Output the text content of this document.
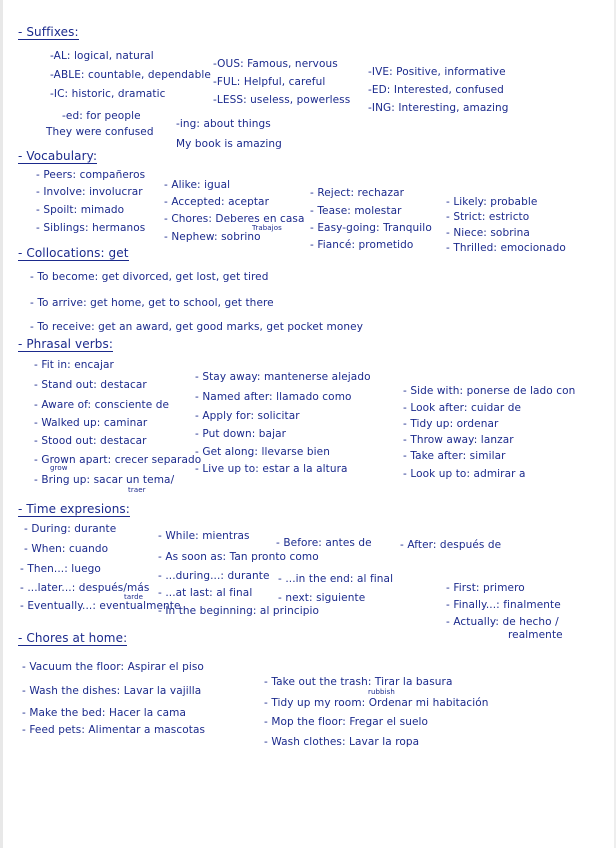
- Suffixes:
-AL: logical, natural
-ABLE: countable, dependable
-IC: historic, dramatic
-OUS: Famous, nervous
-FUL: Helpful, careful
-LESS: useless, powerless
-IVE: Positive, informative
-ED: Interested, confused
-ING: Interesting, amazing
-ed: for people
They were confused
-ing: about things
My book is amazing
- Vocabulary:
- Peers: compañeros
- Involve: involucrar
- Spoilt: mimado
- Siblings: hermanos
- Alike: igual
- Accepted: aceptar
- Chores: Deberes en casa
Trabajos
- Nephew: sobrino
- Reject: rechazar
- Tease: molestar
- Easy-going: Tranquilo
- Fiancé: prometido
- Likely: probable
- Strict: estricto
- Niece: sobrina
- Thrilled: emocionado
- Collocations: get
- To become: get divorced, get lost, get tired
- To arrive: get home, get to school, get there
- To receive: get an award, get good marks, get pocket money
- Phrasal verbs:
- Fit in: encajar
- Stand out: destacar
- Aware of: consciente de
- Walked up: caminar
- Stood out: destacar
- Grown apart: crecer separado
grow
- Bring up: sacar un tema/
traer
- Stay away: mantenerse alejado
- Named after: llamado como
- Apply for: solicitar
- Put down: bajar
- Get along: llevarse bien
- Live up to: estar a la altura
- Side with: ponerse de lado con
- Look after: cuidar de
- Tidy up: ordenar
- Throw away: lanzar
- Take after: similar
- Look up to: admirar a
- Time expresions:
- During: durante
- While: mientras
- Before: antes de	- After: después de
- When: cuando
- As soon as: Tan pronto como
- Then...: luego
- ...during...: durante - ...in the end: al final
- ...later...: después/más
tarde - ...at last: al final - next: siguiente
- Eventually...: eventualmente
- In the beginning: al principio
- First: primero
- Finally...: finalmente
- Actually: de hecho /
realmente
- Chores at home:
- Vacuum the floor: Aspirar el piso
- Wash the dishes: Lavar la vajilla
- Make the bed: Hacer la cama
- Feed pets: Alimentar a mascotas
- Take out the trash: Tirar la basura
rubbish
- Tidy up my room: Ordenar mi habitación
- Mop the floor: Fregar el suelo
- Wash clothes: Lavar la ropa
